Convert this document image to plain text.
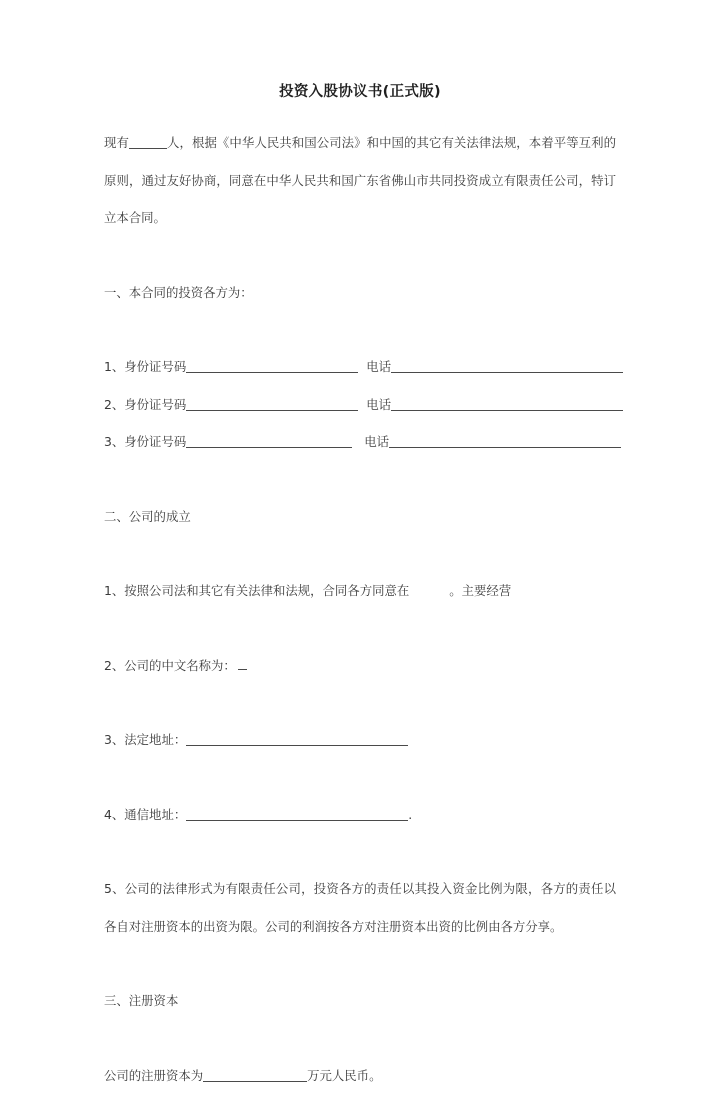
投资入股协议书(正式版)

现有	人，根据《中华人民共和国公司法》和中国的其它有关法律法规，本着平等互利的原则，通过友好协商，同意在中华人民共和国广东省佛山市共同投资成立有限责任公司，特订立本合同。

一、本合同的投资各方为：
1、身份证号码	电话
2、身份证号码	电话
3、身份证号码	电话
二、公司的成立
1、按照公司法和其它有关法律和法规，合同各方同意在	。主要经营
2、公司的中文名称为：
3、法定地址：
4、通信地址：	.

5、公司的法律形式为有限责任公司，投资各方的责任以其投入资金比例为限，各方的责任以各自对注册资本的出资为限。公司的利润按各方对注册资本出资的比例由各方分享。

三、注册资本
公司的注册资本为	万元人民币。
